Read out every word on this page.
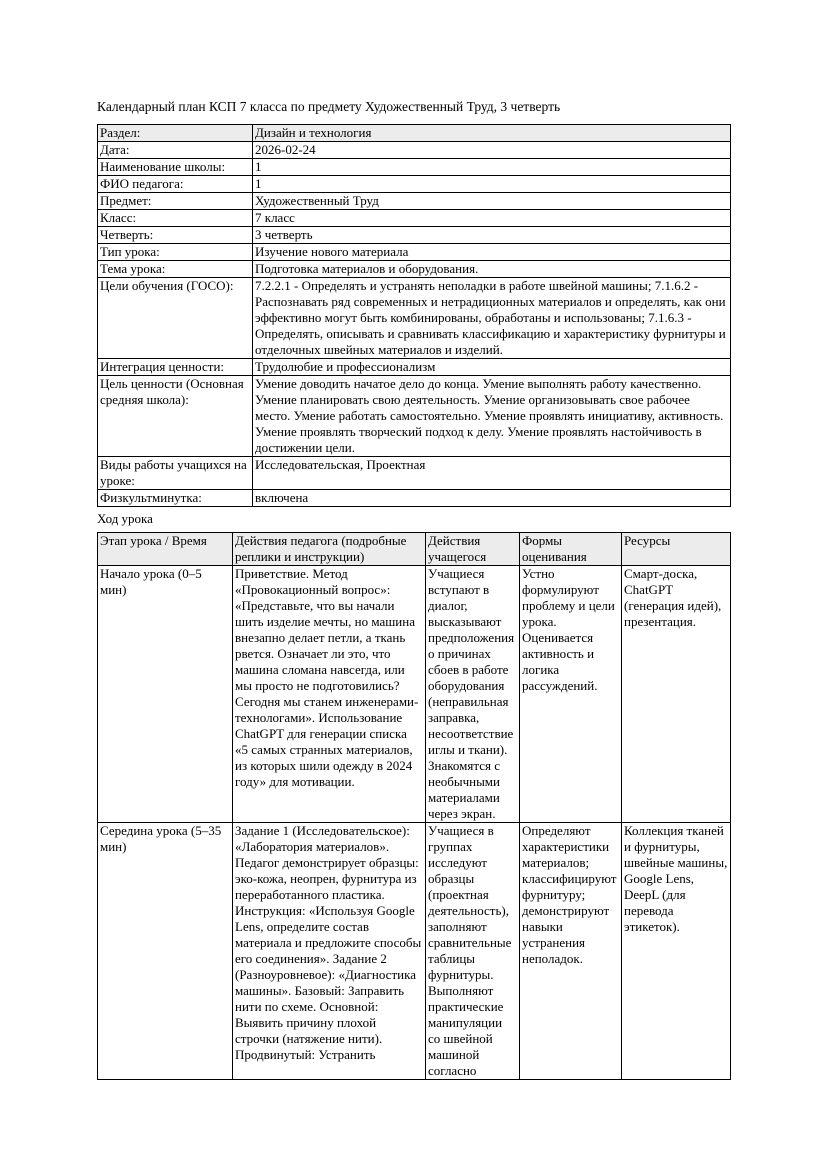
Календарный план КСП 7 класса по предмету Художественный Труд, 3 четверть
Раздел:	Дизайн и технология
Дата:	2026-02-24
Наименование школы:	1
ФИО педагога:	1
Предмет:	Художественный Труд
Класс:	7 класс
Четверть:	3 четверть
Тип урока:	Изучение нового материала
Тема урока:	Подготовка материалов и оборудования.
Цели обучения (ГОСО):	7.2.2.1 - Определять и устранять неполадки в работе швейной машины; 7.1.6.2 - Распознавать ряд современных и нетрадиционных материалов и определять, как они эффективно могут быть комбинированы, обработаны и использованы; 7.1.6.3 - Определять, описывать и сравнивать классификацию и характеристику фурнитуры и отделочных швейных материалов и изделий.
Интеграция ценности:	Трудолюбие и профессионализм
Цель ценности (Основная средняя школа):	Умение доводить начатое дело до конца. Умение выполнять работу качественно. Умение планировать свою деятельность. Умение организовывать свое рабочее место. Умение работать самостоятельно. Умение проявлять инициативу, активность. Умение проявлять творческий подход к делу. Умение проявлять настойчивость в достижении цели.
Виды работы учащихся на уроке:	Исследовательская, Проектная
Физкультминутка:	включена
Ход урока
Этап урока / Время	Действия педагога (подробные реплики и инструкции)	Действия учащегося	Формы оценивания	Ресурсы
Начало урока (0–5 мин)	Приветствие. Метод «Провокационный вопрос»: «Представьте, что вы начали шить изделие мечты, но машина внезапно делает петли, а ткань рвется. Означает ли это, что машина сломана навсегда, или мы просто не подготовились? Сегодня мы станем инженерами-технологами». Использование ChatGPT для генерации списка «5 самых странных материалов, из которых шили одежду в 2024 году» для мотивации.	Учащиеся вступают в диалог, высказывают предположения о причинах сбоев в работе оборудования (неправильная заправка, несоответствие иглы и ткани). Знакомятся с необычными материалами через экран.	Устно формулируют проблему и цели урока. Оценивается активность и логика рассуждений.	Смарт-доска, ChatGPT (генерация идей), презентация.
Середина урока (5–35 мин)	Задание 1 (Исследовательское): «Лаборатория материалов». Педагог демонстрирует образцы: эко-кожа, неопрен, фурнитура из переработанного пластика. Инструкция: «Используя Google Lens, определите состав материала и предложите способы его соединения». Задание 2 (Разноуровневое): «Диагностика машины». Базовый: Заправить нити по схеме. Основной: Выявить причину плохой строчки (натяжение нити). Продвинутый: Устранить	Учащиеся в группах исследуют образцы (проектная деятельность), заполняют сравнительные таблицы фурнитуры. Выполняют практические манипуляции со швейной машиной согласно	Определяют характеристики материалов; классифицируют фурнитуру; демонстрируют навыки устранения неполадок.	Коллекция тканей и фурнитуры, швейные машины, Google Lens, DeepL (для перевода этикеток).
